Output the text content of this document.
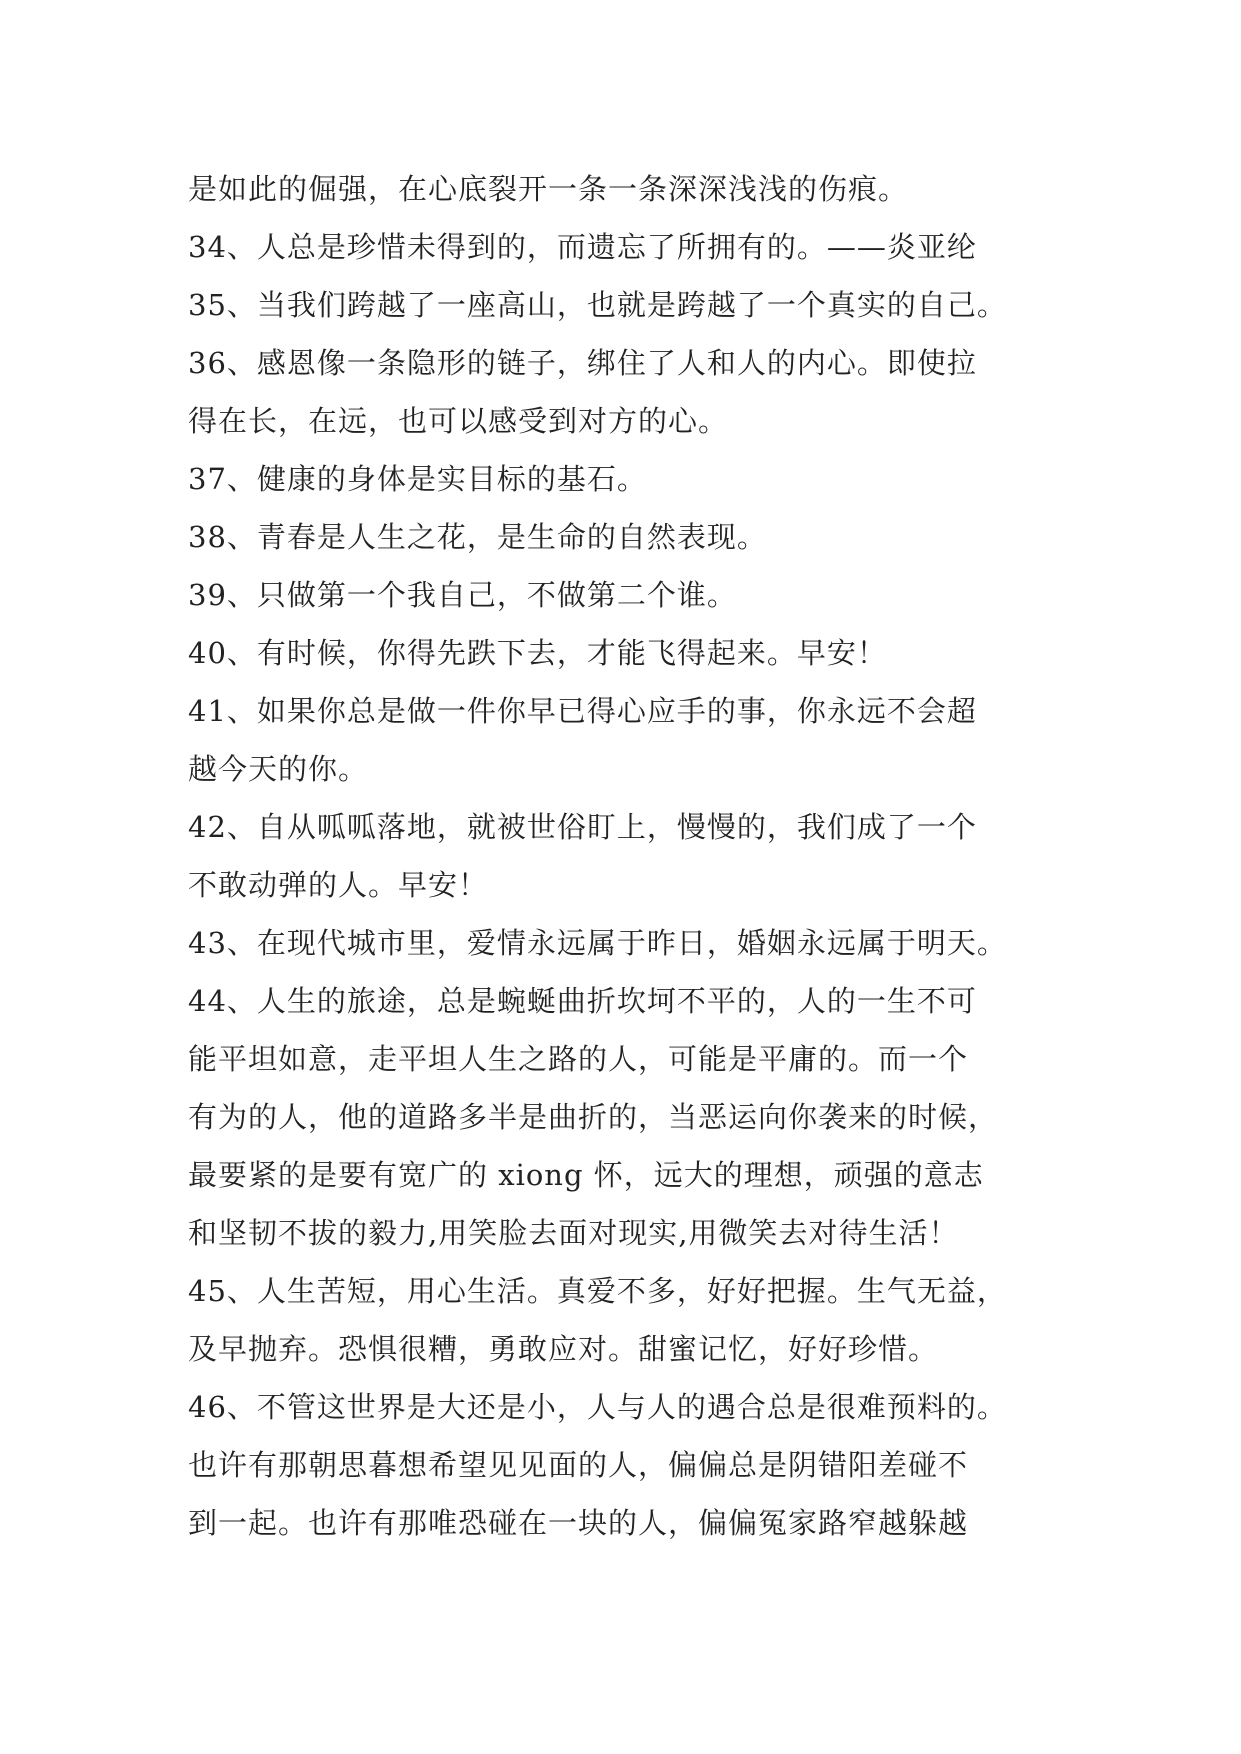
是如此的倔强，在心底裂开一条一条深深浅浅的伤痕。
34、人总是珍惜未得到的，而遗忘了所拥有的。——炎亚纶
35、当我们跨越了一座高山，也就是跨越了一个真实的自己。
36、感恩像一条隐形的链子，绑住了人和人的内心。即使拉
得在长，在远，也可以感受到对方的心。
37、健康的身体是实目标的基石。
38、青春是人生之花，是生命的自然表现。
39、只做第一个我自己，不做第二个谁。
40、有时候，你得先跌下去，才能飞得起来。早安！
41、如果你总是做一件你早已得心应手的事，你永远不会超
越今天的你。
42、自从呱呱落地，就被世俗盯上，慢慢的，我们成了一个
不敢动弹的人。早安！
43、在现代城市里，爱情永远属于昨日，婚姻永远属于明天。
44、人生的旅途，总是蜿蜒曲折坎坷不平的，人的一生不可
能平坦如意，走平坦人生之路的人，可能是平庸的。而一个
有为的人，他的道路多半是曲折的，当恶运向你袭来的时候，
最要紧的是要有宽广的 xiong 怀，远大的理想，顽强的意志
和坚韧不拔的毅力,用笑脸去面对现实,用微笑去对待生活！
45、人生苦短，用心生活。真爱不多，好好把握。生气无益，
及早抛弃。恐惧很糟，勇敢应对。甜蜜记忆，好好珍惜。
46、不管这世界是大还是小，人与人的遇合总是很难预料的。
也许有那朝思暮想希望见见面的人，偏偏总是阴错阳差碰不
到一起。也许有那唯恐碰在一块的人，偏偏冤家路窄越躲越
